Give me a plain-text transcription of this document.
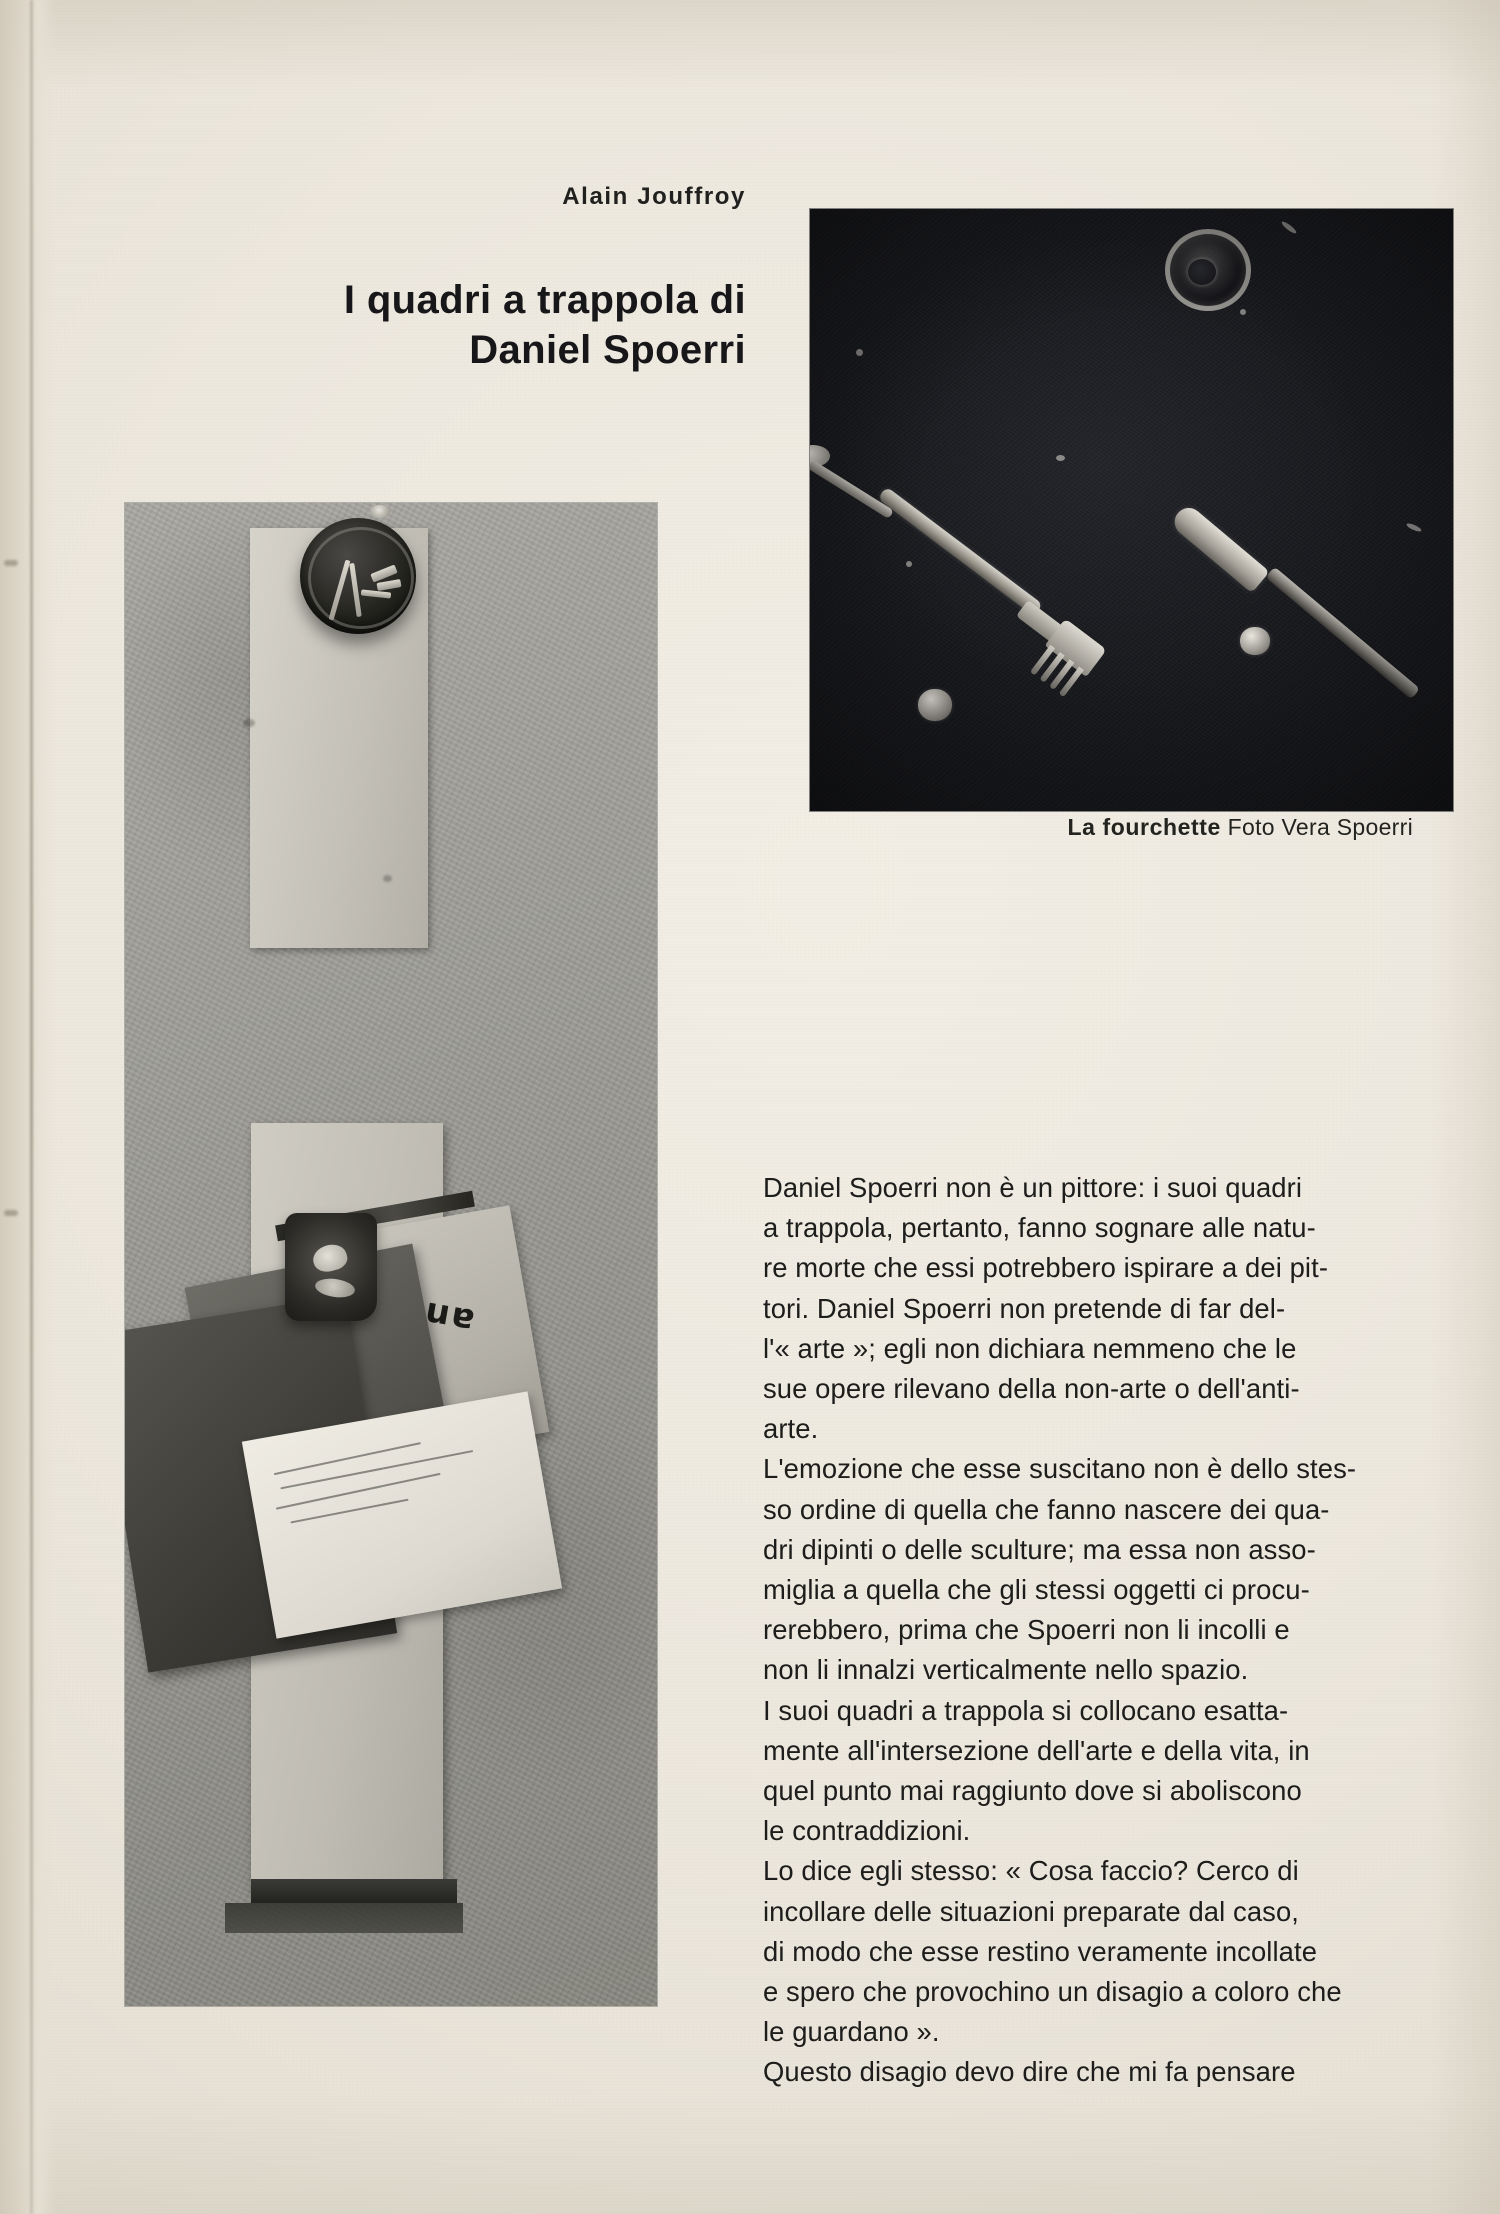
Alain Jouffroy
I quadri a trappola di
Daniel Spoerri
La fourchette Foto Vera Spoerri

Daniel Spoerri non è un pittore: i suoi quadri
a trappola, pertanto, fanno sognare alle natu-
re morte che essi potrebbero ispirare a dei pit-
tori. Daniel Spoerri non pretende di far del-
l'« arte »; egli non dichiara nemmeno che le
sue opere rilevano della non-arte o dell'anti-
arte.

L'emozione che esse suscitano non è dello stes-
so ordine di quella che fanno nascere dei qua-
dri dipinti o delle sculture; ma essa non asso-
miglia a quella che gli stessi oggetti ci procu-
rerebbero, prima che Spoerri non li incolli e
non li innalzi verticalmente nello spazio.

I suoi quadri a trappola si collocano esatta-
mente all'intersezione dell'arte e della vita, in
quel punto mai raggiunto dove si aboliscono
le contraddizioni.

Lo dice egli stesso: « Cosa faccio? Cerco di
incollare delle situazioni preparate dal caso,
di modo che esse restino veramente incollate
e spero che provochino un disagio a coloro che
le guardano ».

Questo disagio devo dire che mi fa pensare
